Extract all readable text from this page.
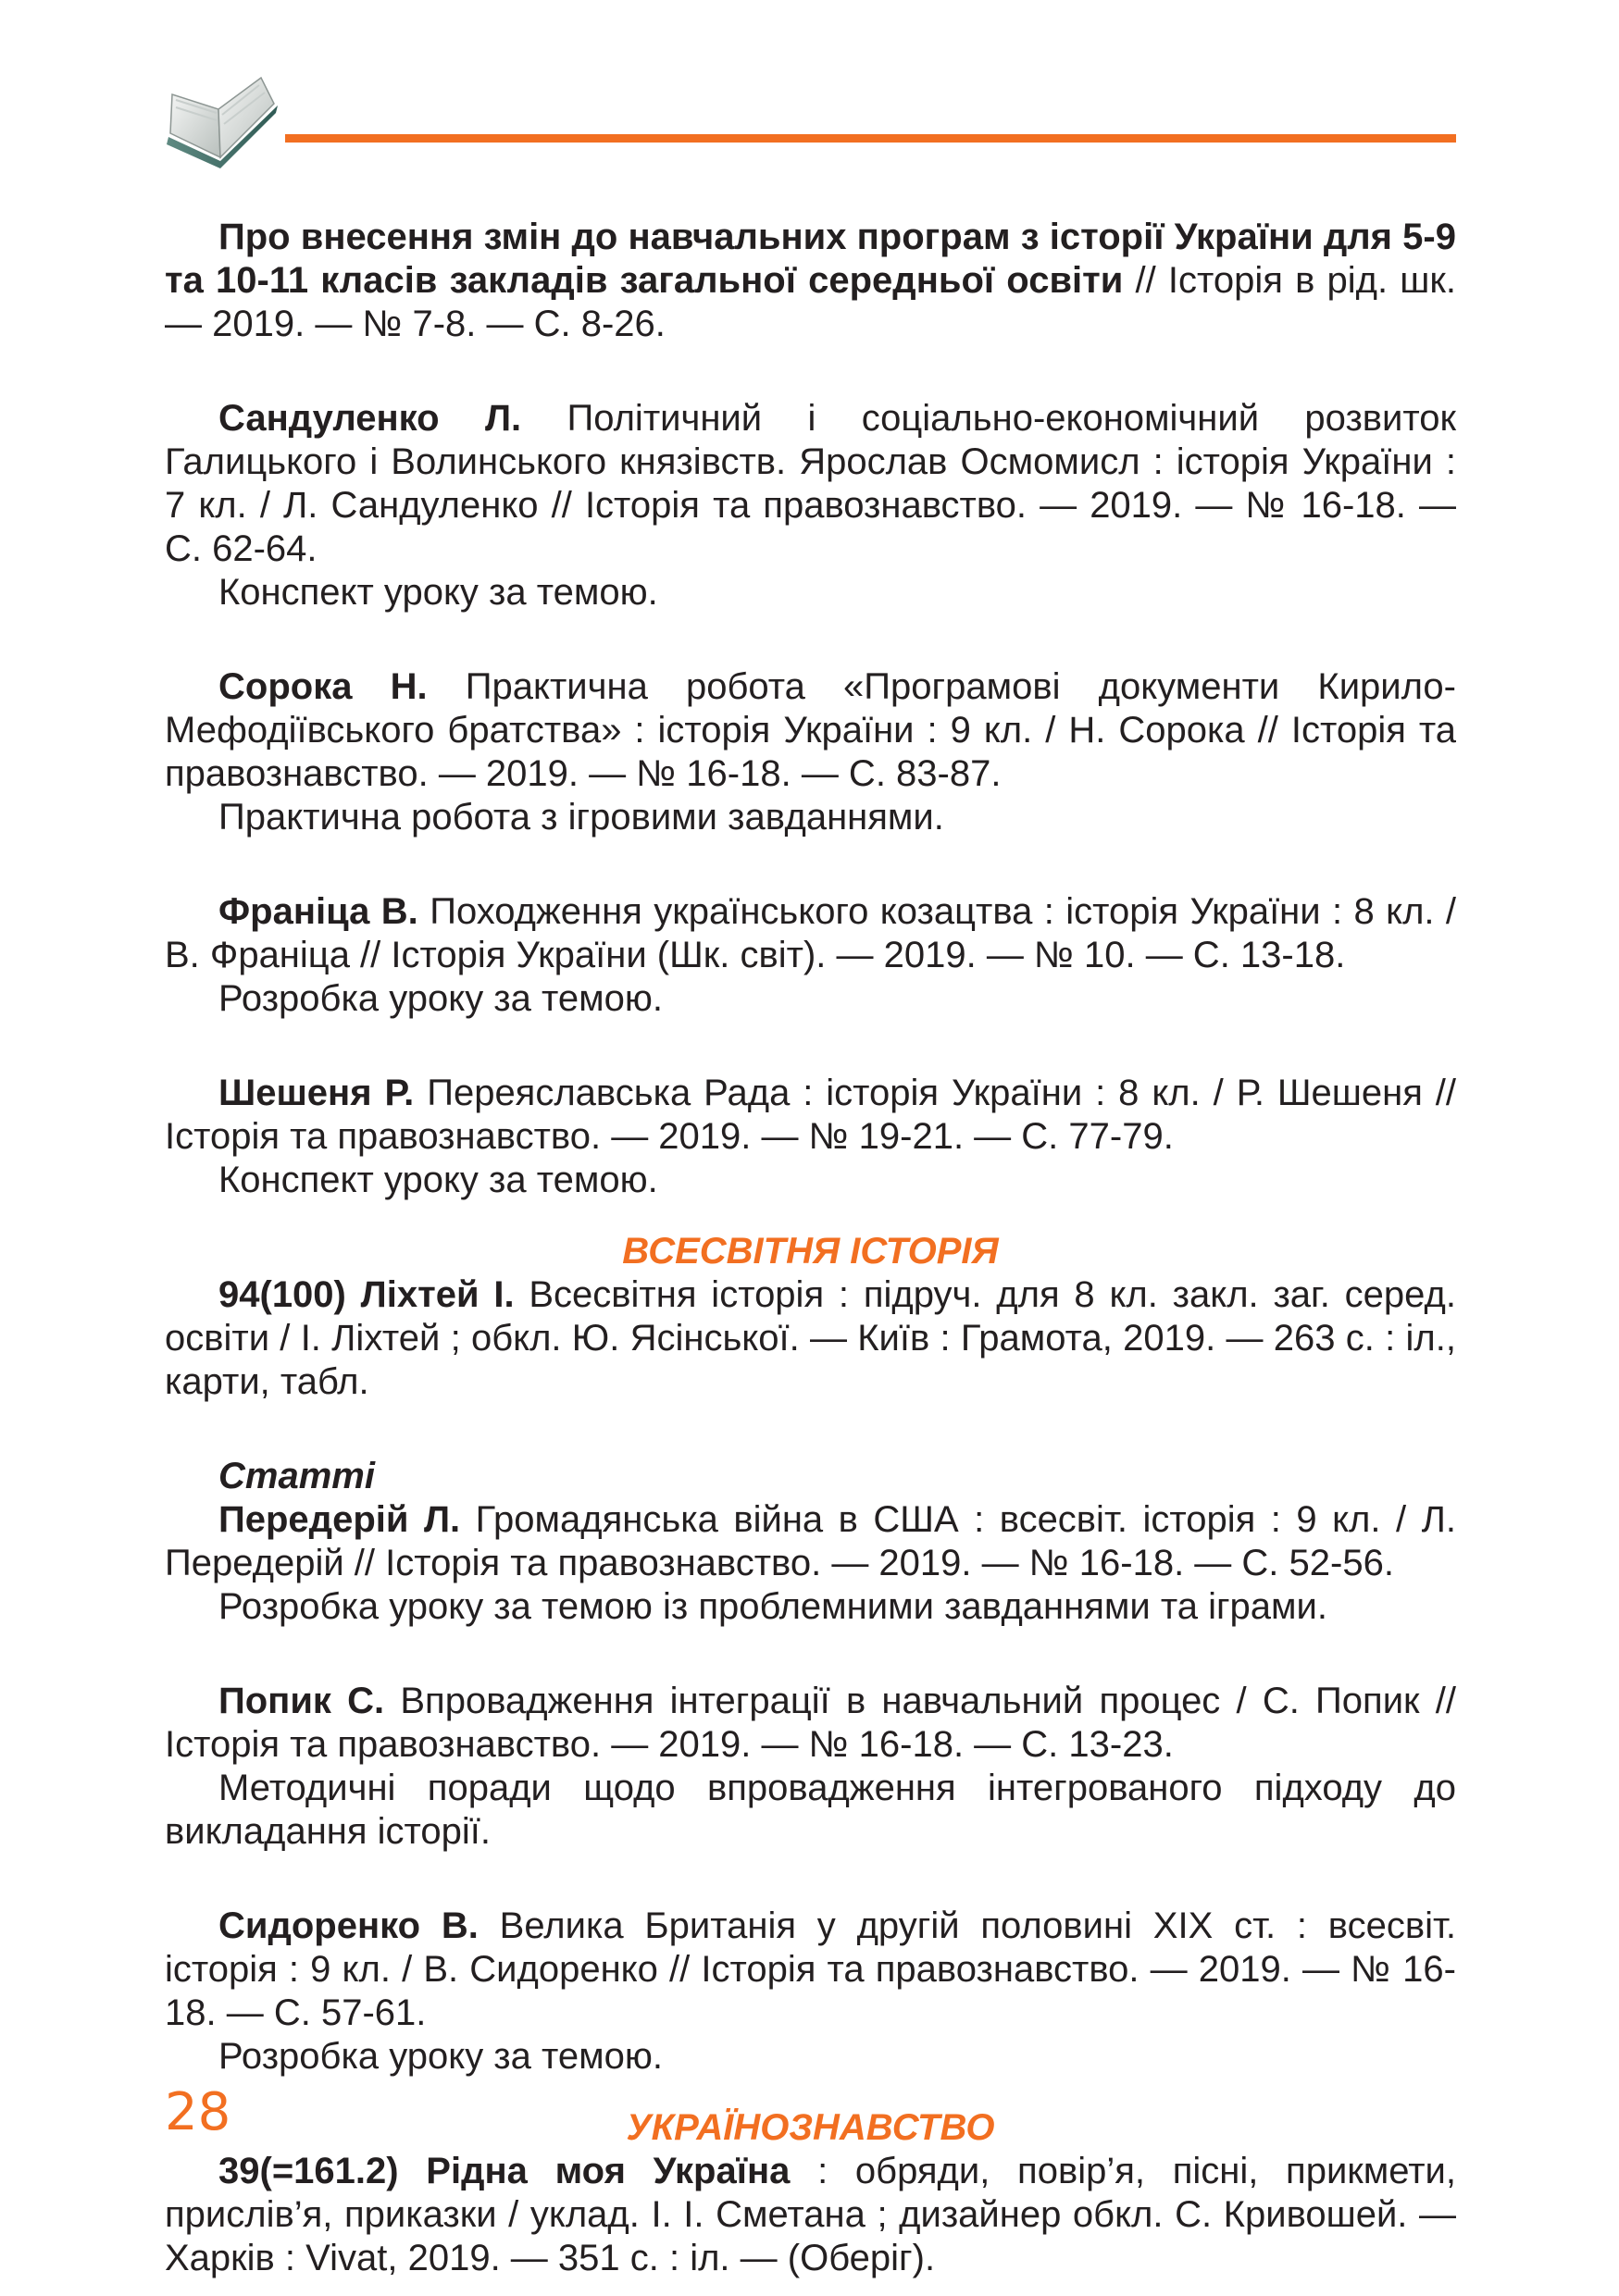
Про внесення змін до навчальних програм з історії України для 5-9 та 10-11 класів закладів загальної середньої освіти // Історія в рід. шк. — 2019. — № 7-8. — С. 8-26.

Сандуленко Л. Політичний і соціально-економічний розвиток Галицького і Волинського князівств. Ярослав Осмомисл : історія України : 7 кл. / Л. Сандуленко // Історія та правознавство. — 2019. — № 16-18. — С. 62-64.

Конспект уроку за темою.

Сорока Н. Практична робота «Програмові документи Кирило-Мефодіївського братства» : історія України : 9 кл. / Н. Сорока // Історія та правознавство. — 2019. — № 16-18. — С. 83-87.

Практична робота з ігровими завданнями.

Франіца В. Походження українського козацтва : історія України : 8 кл. / В. Франіца // Історія України (Шк. світ). — 2019. — № 10. — С. 13-18.

Розробка уроку за темою.

Шешеня Р. Переяславська Рада : історія України : 8 кл. / Р. Шешеня // Історія та правознавство. — 2019. — № 19-21. — С. 77-79.

Конспект уроку за темою.

ВСЕСВІТНЯ ІСТОРІЯ

94(100) Ліхтей І. Всесвітня історія : підруч. для 8 кл. закл. заг. серед. освіти / І. Ліхтей ; обкл. Ю. Ясінської. — Київ : Грамота, 2019. — 263 с. : іл., карти, табл.

Статті

Передерій Л. Громадянська війна в США : всесвіт. історія : 9 кл. / Л. Передерій // Історія та правознавство. — 2019. — № 16-18. — С. 52-56.

Розробка уроку за темою із проблемними завданнями та іграми.

Попик С. Впровадження інтеграції в навчальний процес / С. Попик // Історія та правознавство. — 2019. — № 16-18. — С. 13-23.

Методичні поради щодо впровадження інтегрованого підходу до викладання історії.

Сидоренко В. Велика Британія у другій половині XIX ст. : всесвіт. історія : 9 кл. / В. Сидоренко // Історія та правознавство. — 2019. — № 16-18. — С. 57-61.

Розробка уроку за темою.

УКРАЇНОЗНАВСТВО

39(=161.2) Рідна моя Україна : обряди, повір’я, пісні, прикмети, прислів’я, приказки / уклад. І. І. Сметана ; дизайнер обкл. С. Кривошей. — Харків : Vivat, 2019. — 351 с. : іл. — (Оберіг).

28
